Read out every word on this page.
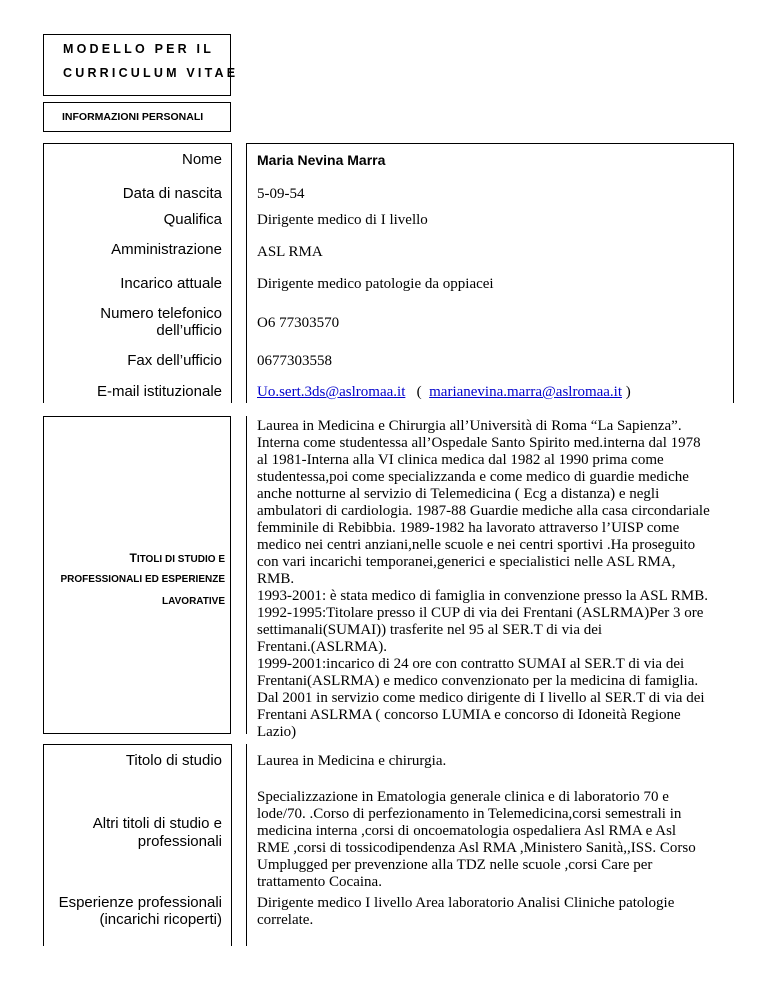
MODELLO PER IL
CURRICULUM VITAE
INFORMAZIONI PERSONALI
Nome	Maria Nevina Marra
Data di nascita 5-09-54
Qualifica Dirigente medico di I livello
Amministrazione ASL RMA
Incarico attuale Dirigente medico patologie da oppiacei
Numero telefonico
dell’ufficio O6 77303570
Fax dell’ufficio 0677303558
E-mail istituzionale Uo.sert.3ds@aslromaa.it   (  marianevina.marra@aslromaa.it )
TITOLI DI STUDIO E
PROFESSIONALI ED ESPERIENZE
LAVORATIVE
Laurea in Medicina e Chirurgia all’Università di Roma “La Sapienza”.
Interna come studentessa all’Ospedale Santo Spirito med.interna dal 1978
al 1981-Interna alla VI clinica medica dal 1982 al 1990 prima come
studentessa,poi come specializzanda e come medico di guardie mediche
anche notturne al servizio di Telemedicina ( Ecg a distanza) e negli
ambulatori di cardiologia. 1987-88 Guardie mediche alla casa circondariale
femminile di Rebibbia. 1989-1982 ha lavorato attraverso l’UISP come
medico nei centri anziani,nelle scuole e nei centri sportivi .Ha proseguito
con vari incarichi temporanei,generici e specialistici nelle ASL RMA,
RMB.
1993-2001: è stata medico di famiglia in convenzione presso la ASL RMB.
1992-1995:Titolare presso il CUP di via dei Frentani (ASLRMA)Per 3 ore
settimanali(SUMAI)) trasferite nel 95 al SER.T di via dei
Frentani.(ASLRMA).
1999-2001:incarico di 24 ore con contratto SUMAI al SER.T di via dei
Frentani(ASLRMA) e medico convenzionato per la medicina di famiglia.
Dal 2001 in servizio come medico dirigente di I livello al SER.T di via dei
Frentani ASLRMA ( concorso LUMIA e concorso di Idoneità Regione
Lazio)
Titolo di studio Laurea in Medicina e chirurgia.
Altri titoli di studio e
professionali
Specializzazione in Ematologia generale clinica e di laboratorio 70 e
lode/70. .Corso di perfezionamento in Telemedicina,corsi semestrali in
medicina interna ,corsi di oncoematologia ospedaliera Asl RMA e Asl
RME ,corsi di tossicodipendenza Asl RMA ,Ministero Sanità,,ISS. Corso
Umplugged per prevenzione alla TDZ nelle scuole ,corsi Care per
trattamento Cocaina.
Esperienze professionali
(incarichi ricoperti)
Dirigente medico I livello Area laboratorio Analisi Cliniche patologie
correlate.
